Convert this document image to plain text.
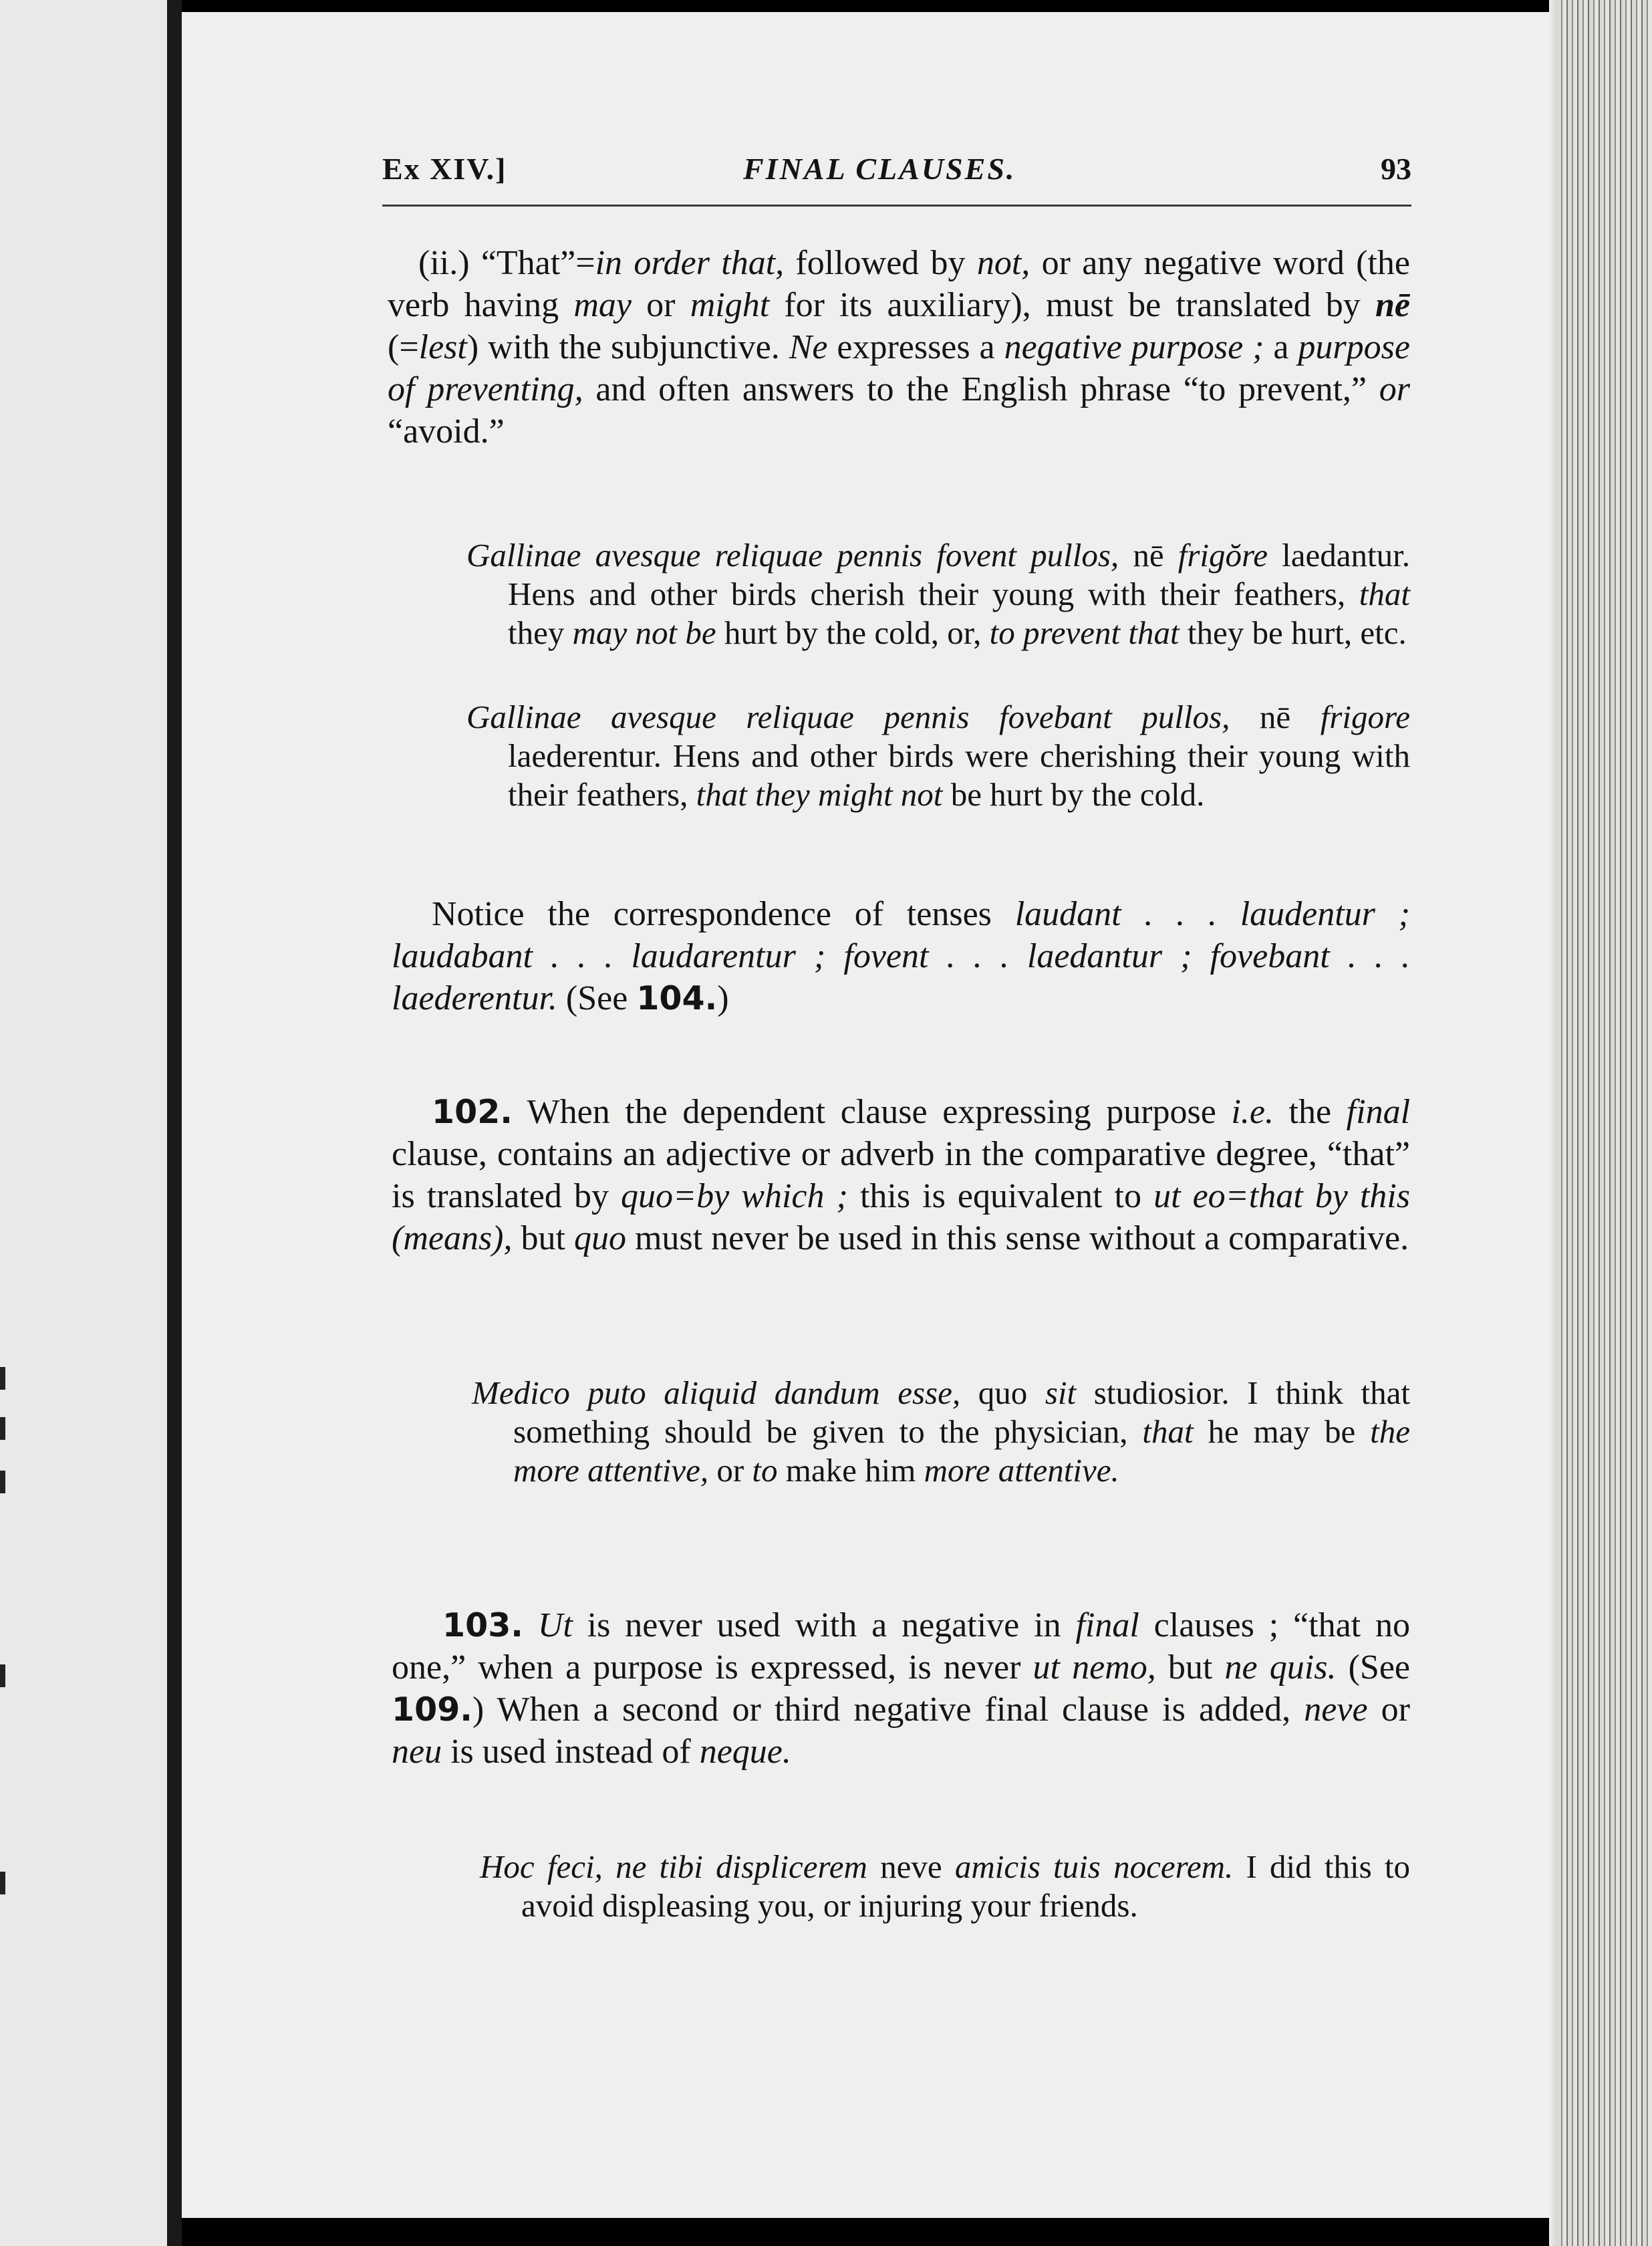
Ex XIV.]	FINAL CLAUSES.	93
(ii.) “That”=in order that, followed by not, or any negative word (the verb having may or might for its auxiliary), must be translated by nē (=lest) with the subjunctive. Ne expresses a negative purpose ; a purpose of preventing, and often answers to the English phrase “to prevent,” or “avoid.”
Gallinae avesque reliquae pennis fovent pullos, nē frigŏre laedantur. Hens and other birds cherish their young with their feathers, that they may not be hurt by the cold, or, to prevent that they be hurt, etc.
Gallinae avesque reliquae pennis fovebant pullos, nē frigore laederentur. Hens and other birds were cherishing their young with their feathers, that they might not be hurt by the cold.
Notice the correspondence of tenses laudant . . . laudentur ; laudabant . . . laudarentur ; fovent . . . laedantur ; fovebant . . . laederentur. (See 104.)
102. When the dependent clause expressing purpose i.e. the final clause, contains an adjective or adverb in the comparative degree, “that” is translated by quo=by which ; this is equivalent to ut eo=that by this (means), but quo must never be used in this sense without a comparative.
Medico puto aliquid dandum esse, quo sit studiosior. I think that something should be given to the physician, that he may be the more attentive, or to make him more attentive.
103. Ut is never used with a negative in final clauses ; “that no one,” when a purpose is expressed, is never ut nemo, but ne quis. (See 109.) When a second or third negative final clause is added, neve or neu is used instead of neque.
Hoc feci, ne tibi displicerem neve amicis tuis nocerem. I did this to avoid displeasing you, or injuring your friends.
